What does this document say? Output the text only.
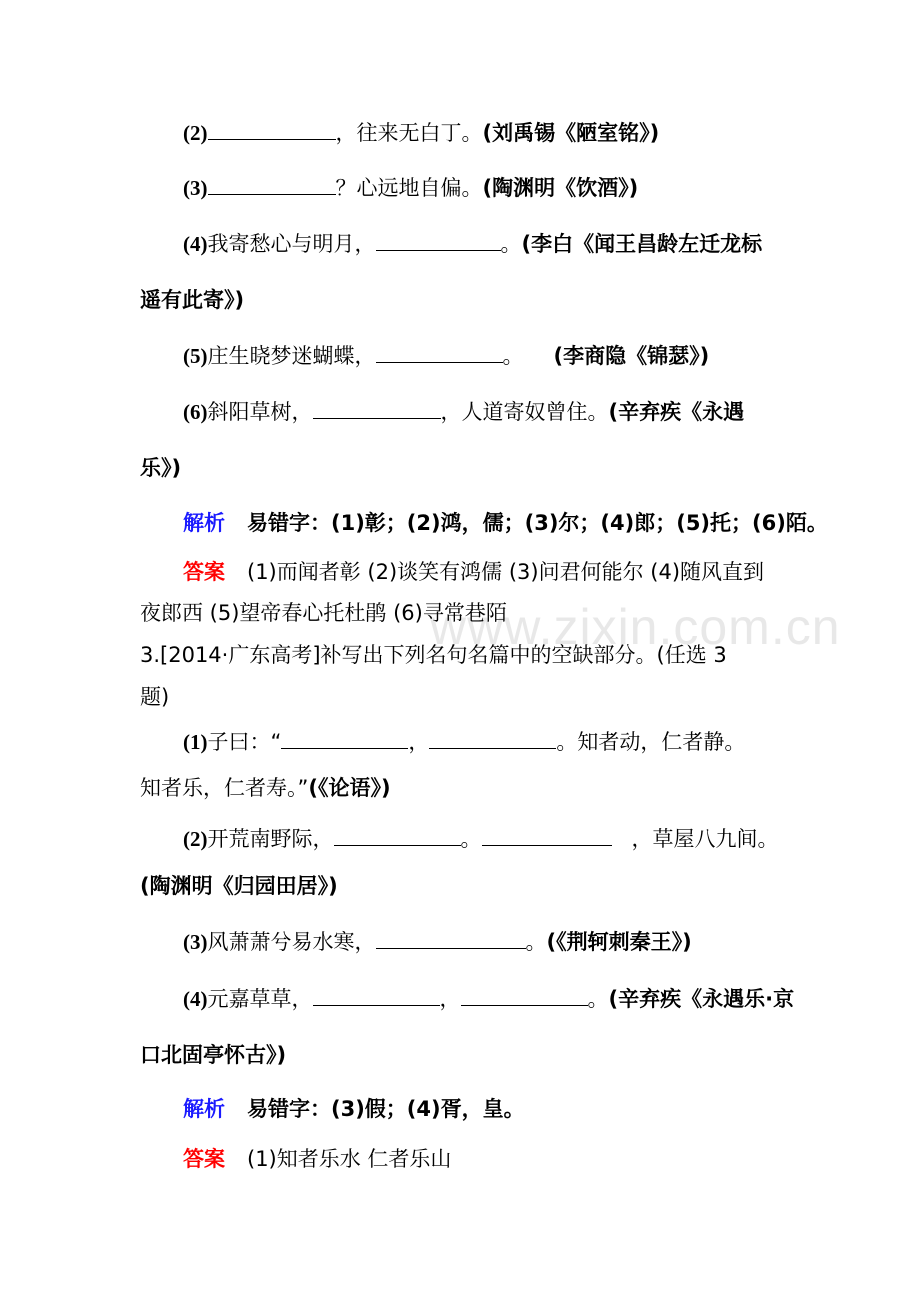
www.zixin.com.cn
(2)	，往来无白丁。(刘禹锡《陋室铭》)
(3)	？心远地自偏。(陶渊明《饮酒》)
(4)我寄愁心与明月，	。(李白《闻王昌龄左迁龙标
遥有此寄》)
(5)庄生晓梦迷蝴蝶，	。 (李商隐《锦瑟》)
(6)斜阳草树，	，人道寄奴曾住。(辛弃疾《永遇
乐》)
解析 易错字：(1)彰；(2)鸿，儒；(3)尔；(4)郎；(5)托；(6)陌。
答案 (1)而闻者彰 (2)谈笑有鸿儒 (3)问君何能尔 (4)随风直到
夜郎西 (5)望帝春心托杜鹃 (6)寻常巷陌
3.[2014·广东高考]补写出下列名句名篇中的空缺部分。(任选 3
题)
(1)子曰：“	，	。知者动，仁者静。
知者乐，仁者寿。”(《论语》)
(2)开荒南野际，	。	，草屋八九间。
(陶渊明《归园田居》)
(3)风萧萧兮易水寒，	。(《荆轲刺秦王》)
(4)元嘉草草，	，	。(辛弃疾《永遇乐·京
口北固亭怀古》)
解析 易错字：(3)假；(4)胥，皇。
答案 (1)知者乐水 仁者乐山
